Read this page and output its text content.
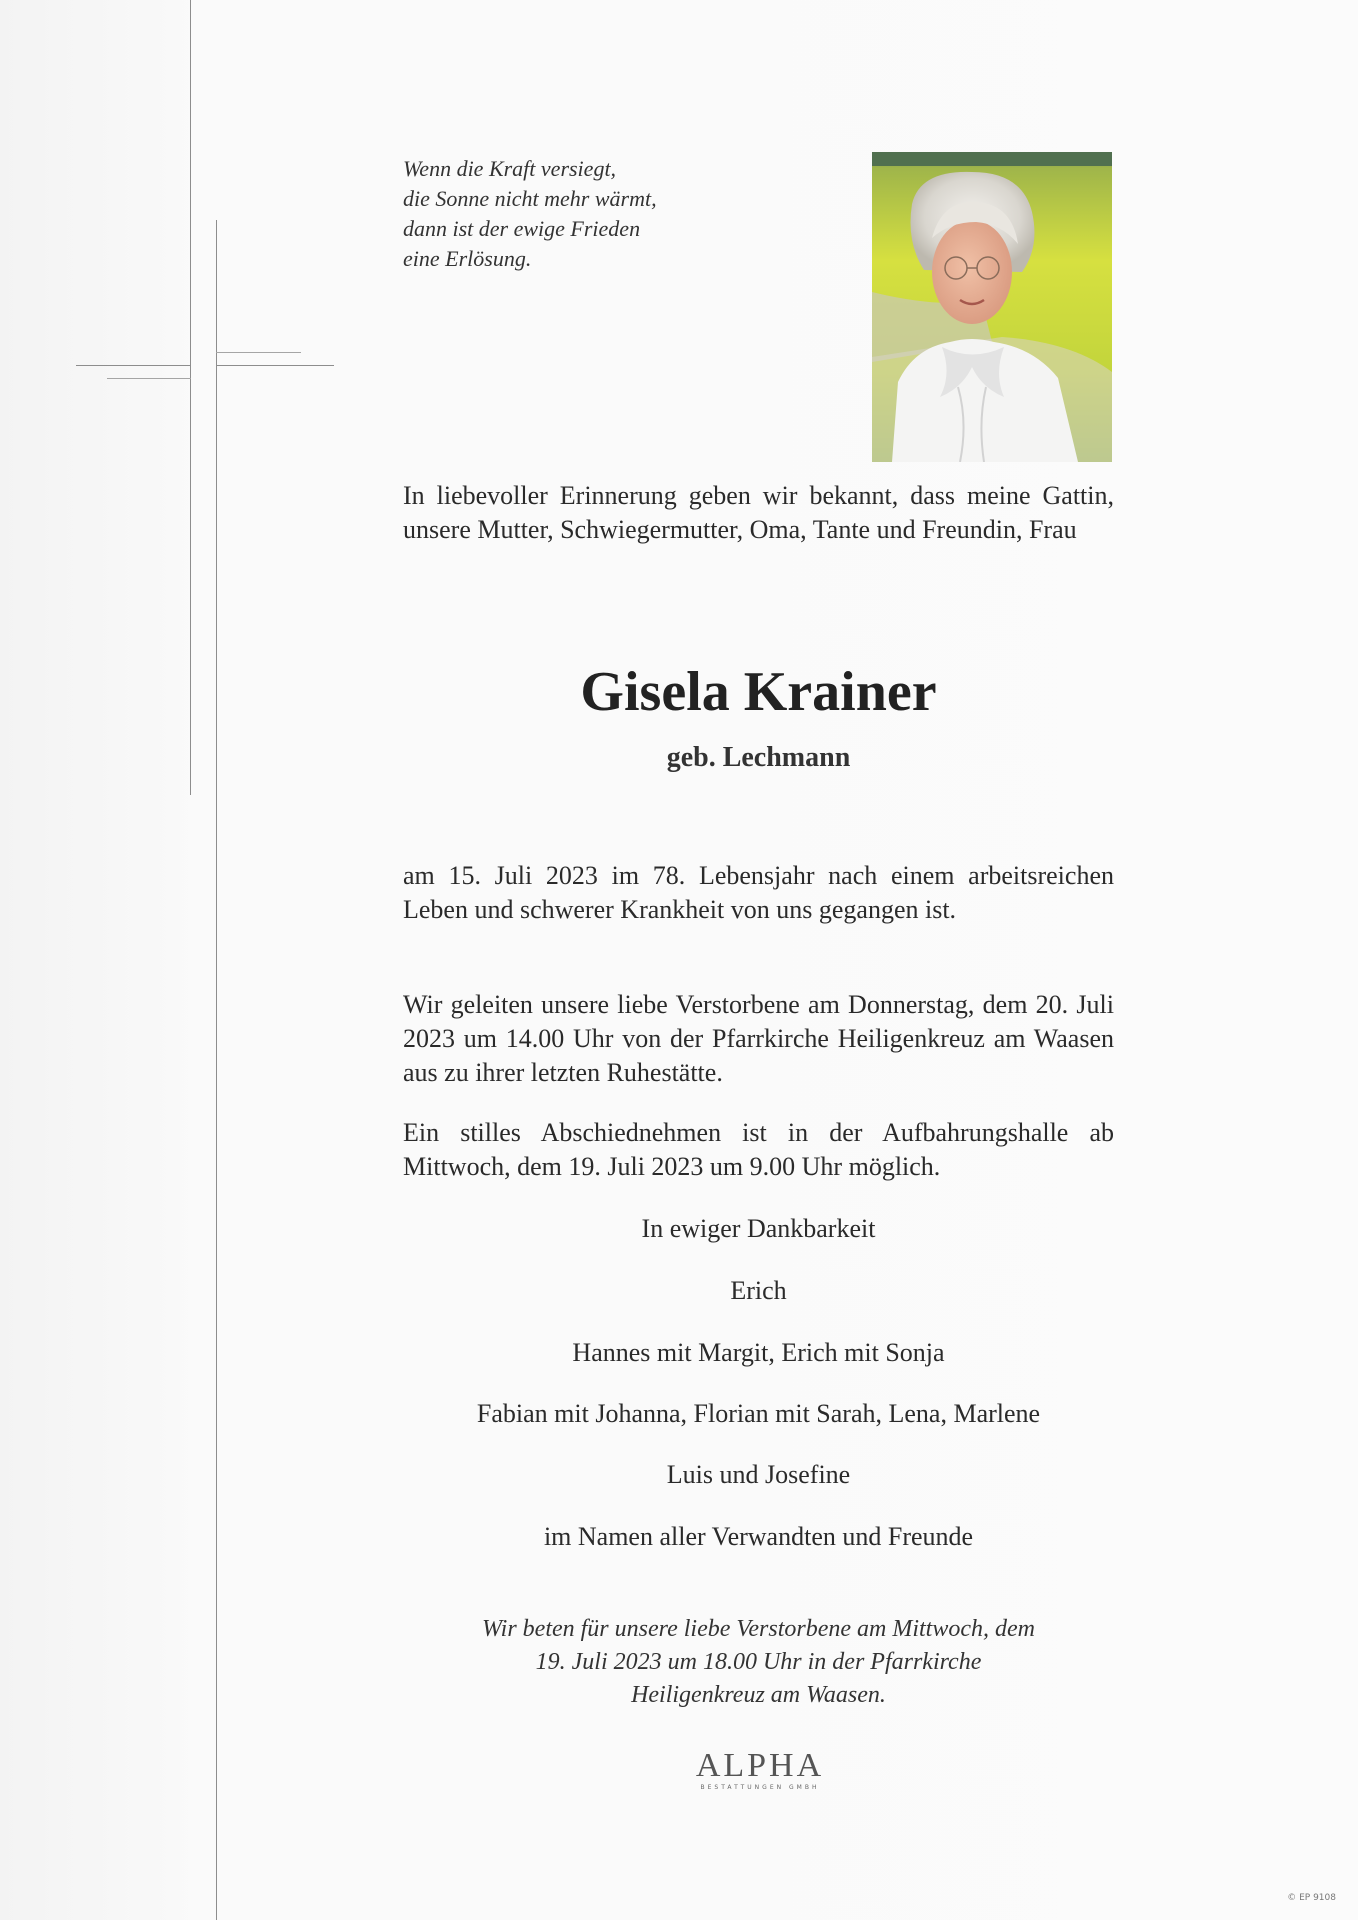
Wenn die Kraft versiegt,
die Sonne nicht mehr wärmt,
dann ist der ewige Frieden
eine Erlösung.
In liebevoller Erinnerung geben wir bekannt, dass meine Gattin, unsere Mutter, Schwiegermutter, Oma, Tante und Freundin, Frau
Gisela Krainer
geb. Lechmann
am 15. Juli 2023 im 78. Lebensjahr nach einem arbeitsreichen Leben und schwerer Krankheit von uns gegangen ist.
Wir geleiten unsere liebe Verstorbene am Donnerstag, dem 20. Juli 2023 um 14.00 Uhr von der Pfarrkirche Heiligenkreuz am Waasen aus zu ihrer letzten Ruhestätte.
Ein stilles Abschiednehmen ist in der Aufbahrungshalle ab Mittwoch, dem 19. Juli 2023 um 9.00 Uhr möglich.
In ewiger Dankbarkeit
Erich
Hannes mit Margit, Erich mit Sonja
Fabian mit Johanna, Florian mit Sarah, Lena, Marlene
Luis und Josefine
im Namen aller Verwandten und Freunde
Wir beten für unsere liebe Verstorbene am Mittwoch, dem
19. Juli 2023 um 18.00 Uhr in der Pfarrkirche
Heiligenkreuz am Waasen.
ALPHA
BESTATTUNGEN GMBH
© EP 9108
